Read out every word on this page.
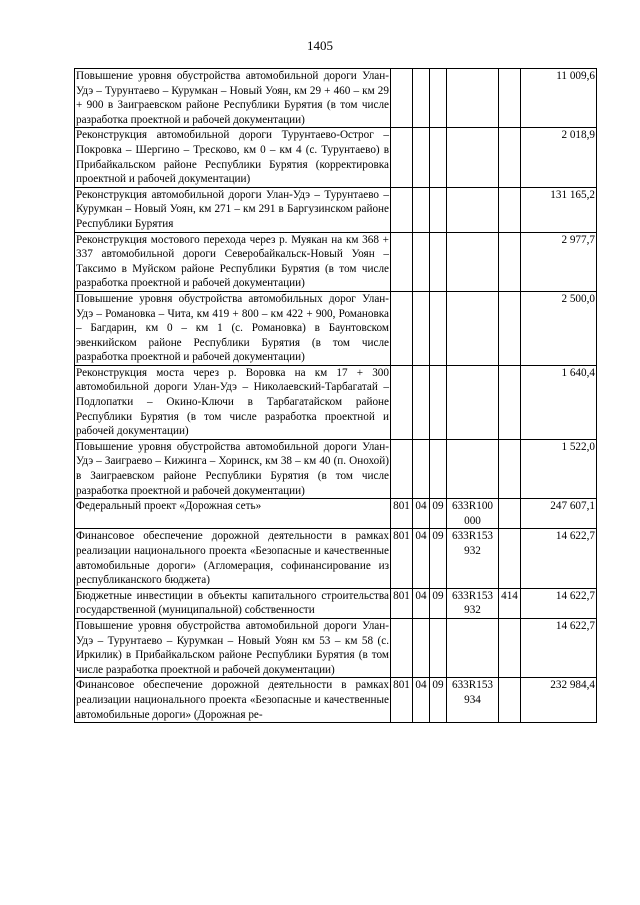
1405
Повышение уровня обустройства автомобильной дороги Улан-Удэ – Турунтаево – Курумкан – Новый Уоян, км 29 + 460 – км 29 + 900 в Заиграевском районе Республики Бурятия (в том числе разработка проектной и рабочей документации)						11 009,6
Реконструкция автомобильной дороги Турунтаево-Острог – Покровка – Шергино – Тресково, км 0 – км 4 (с. Турунтаево) в Прибайкальском районе Республики Бурятия (корректировка проектной и рабочей документации)						2 018,9
Реконструкция автомобильной дороги Улан-Удэ – Турунтаево – Курумкан – Новый Уоян, км 271 – км 291 в Баргузинском районе Республики Бурятия						131 165,2
Реконструкция мостового перехода через р. Муякан на км 368 + 337 автомобильной дороги Северобайкальск-Новый Уоян – Таксимо в Муйском районе Республики Бурятия (в том числе разработка проектной и рабочей документации)						2 977,7
Повышение уровня обустройства автомобильных дорог Улан-Удэ – Романовка – Чита, км 419 + 800 – км 422 + 900, Романовка – Багдарин, км 0 – км 1 (с. Романовка) в Баунтовском эвенкийском районе Республики Бурятия (в том числе разработка проектной и рабочей документации)						2 500,0
Реконструкция моста через р. Воровка на км 17 + 300 автомобильной дороги Улан-Удэ – Николаевский-Тарбагатай – Подлопатки – Окино-Ключи в Тарбагатайском районе Республики Бурятия (в том числе разработка проектной и рабочей документации)						1 640,4
Повышение уровня обустройства автомобильной дороги Улан-Удэ – Заиграево – Кижинга – Хоринск, км 38 – км 40 (п. Онохой) в Заиграевском районе Республики Бурятия (в том числе разработка проектной и рабочей документации)						1 522,0
Федеральный проект «Дорожная сеть»	801	04	09	633R100 000		247 607,1
Финансовое обеспечение дорожной деятельности в рамках реализации национального проекта «Безопасные и качественные автомобильные дороги» (Агломерация, софинансирование из республиканского бюджета)	801	04	09	633R153 932		14 622,7
Бюджетные инвестиции в объекты капитального строительства государственной (муниципальной) собственности	801	04	09	633R153 932	414	14 622,7
Повышение уровня обустройства автомобильной дороги Улан-Удэ – Турунтаево – Курумкан – Новый Уоян км 53 – км 58 (с. Иркилик) в Прибайкальском районе Республики Бурятия (в том числе разработка проектной и рабочей документации)						14 622,7
Финансовое обеспечение дорожной деятельности в рамках реализации национального проекта «Безопасные и качественные автомобильные дороги» (Дорожная ре-	801	04	09	633R153 934		232 984,4
